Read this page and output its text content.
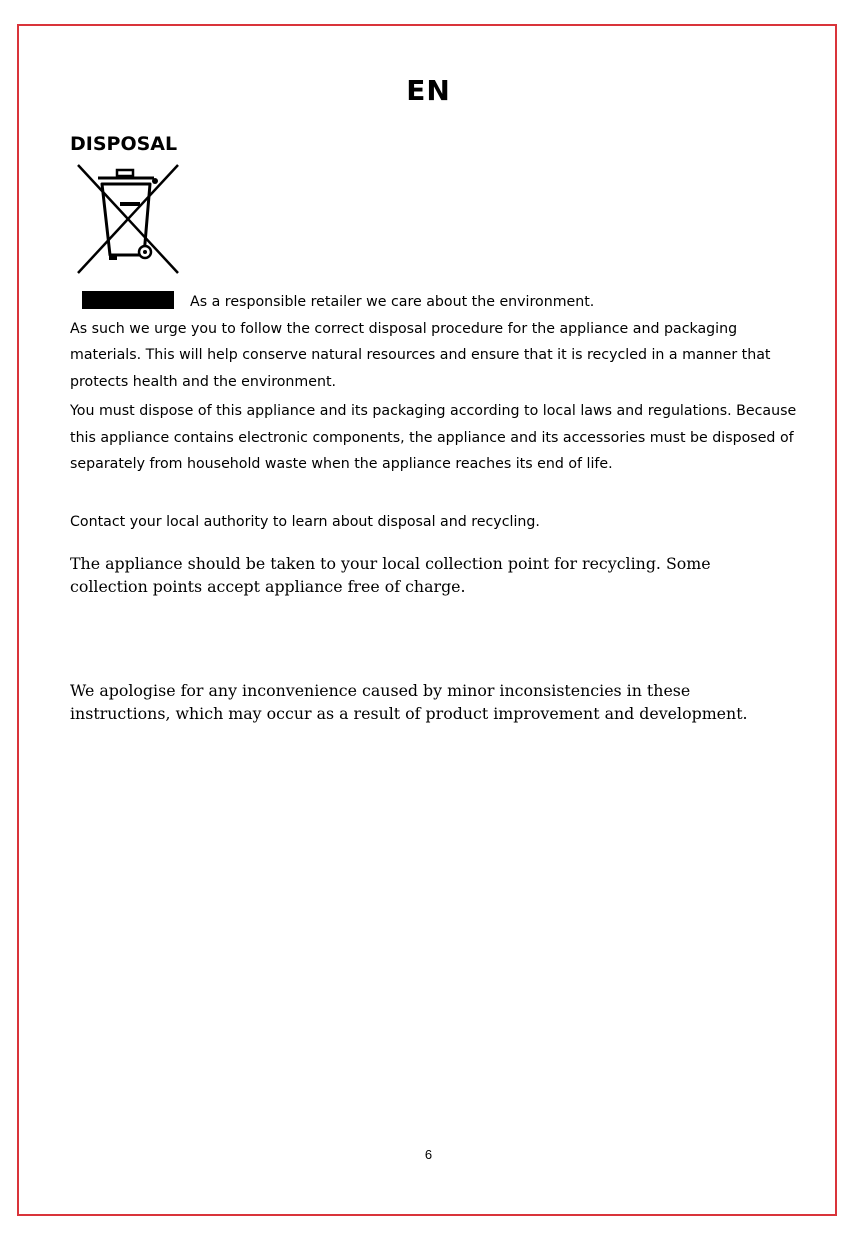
EN
DISPOSAL

As a responsible retailer we care about the environment.
As such we urge you to follow the correct disposal procedure for the appliance and packaging materials. This will help conserve natural resources and ensure that it is recycled in a manner that protects health and the environment.

You must dispose of this appliance and its packaging according to local laws and regulations. Because this appliance contains electronic components, the appliance and its accessories must be disposed of separately from household waste when the appliance reaches its end of life.

Contact your local authority to learn about disposal and recycling.

The appliance should be taken to your local collection point for recycling. Some collection points accept appliance free of charge.

We apologise for any inconvenience caused by minor inconsistencies in these instructions, which may occur as a result of product improvement and development.

6
